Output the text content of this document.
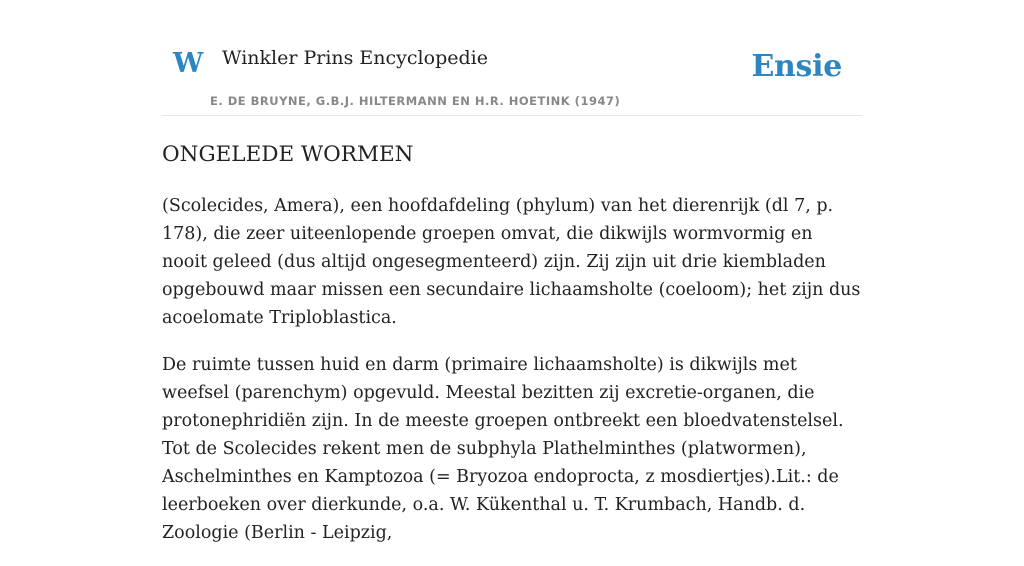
W Winkler Prins Encyclopedie
E. DE BRUYNE, G.B.J. HILTERMANN EN H.R. HOETINK (1947)
Ensie
ONGELEDE WORMEN

(Scolecides, Amera), een hoofdafdeling (phylum) van het dierenrijk (dl 7, p. 178), die zeer uiteenlopende groepen omvat, die dikwijls wormvormig en nooit geleed (dus altijd ongesegmenteerd) zijn. Zij zijn uit drie kiembladen opgebouwd maar missen een secundaire lichaamsholte (coeloom); het zijn dus acoelomate Triploblastica.

De ruimte tussen huid en darm (primaire lichaamsholte) is dikwijls met weefsel (parenchym) opgevuld. Meestal bezitten zij excretie-organen, die protonephridiën zijn. In de meeste groepen ontbreekt een bloedvatenstelsel. Tot de Scolecides rekent men de subphyla Plathelminthes (platwormen), Aschelminthes en Kamptozoa (= Bryozoa endoprocta, z mosdiertjes).Lit.: de leerboeken over dierkunde, o.a. W. Kükenthal u. T. Krumbach, Handb. d. Zoologie (Berlin - Leipzig,
